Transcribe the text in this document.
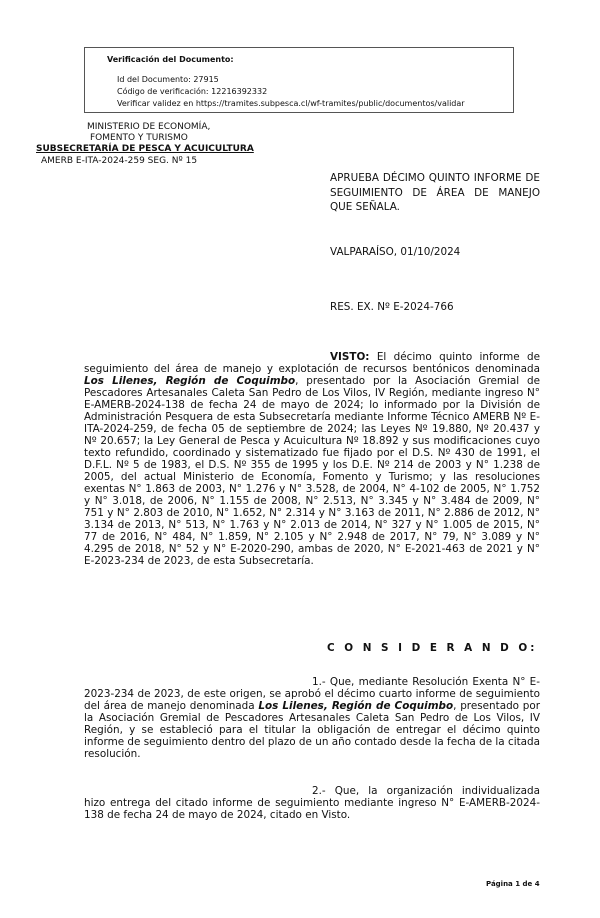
Verificación del Documento:
• Id del Documento: 27915
• Código de verificación: 12216392332
• Verificar validez en https://tramites.subpesca.cl/wf-tramites/public/documentos/validar
MINISTERIO DE ECONOMÍA,
FOMENTO Y TURISMO
SUBSECRETARÍA DE PESCA Y ACUICULTURA
AMERB E-ITA-2024-259 SEG. Nº 15
APRUEBA DÉCIMO QUINTO INFORME DE SEGUIMIENTO DE ÁREA DE MANEJO QUE SEÑALA.
VALPARAÍSO, 01/10/2024
RES. EX. Nº E-2024-766
VISTO: El décimo quinto informe de seguimiento del área de manejo y explotación de recursos bentónicos denominada Los Lilenes, Región de Coquimbo, presentado por la Asociación Gremial de Pescadores Artesanales Caleta San Pedro de Los Vilos, IV Región, mediante ingreso N° E-AMERB-2024-138 de fecha 24 de mayo de 2024; lo informado por la División de Administración Pesquera de esta Subsecretaría mediante Informe Técnico AMERB Nº E-ITA-2024-259, de fecha 05 de septiembre de 2024; las Leyes Nº 19.880, Nº 20.437 y Nº 20.657; la Ley General de Pesca y Acuicultura Nº 18.892 y sus modificaciones cuyo texto refundido, coordinado y sistematizado fue fijado por el D.S. Nº 430 de 1991, el D.F.L. Nº 5 de 1983, el D.S. Nº 355 de 1995 y los D.E. Nº 214 de 2003 y N° 1.238 de 2005, del actual Ministerio de Economía, Fomento y Turismo; y las resoluciones exentas N° 1.863 de 2003, N° 1.276 y N° 3.528, de 2004, N° 4-102 de 2005, N° 1.752 y N° 3.018, de 2006, N° 1.155 de 2008, N° 2.513, N° 3.345 y N° 3.484 de 2009, N° 751 y N° 2.803 de 2010, N° 1.652, N° 2.314 y N° 3.163 de 2011, N° 2.886 de 2012, N° 3.134 de 2013, N° 513, N° 1.763 y N° 2.013 de 2014, N° 327 y N° 1.005 de 2015, N° 77 de 2016, N° 484, N° 1.859, N° 2.105 y N° 2.948 de 2017, N° 79, N° 3.089 y N° 4.295 de 2018, N° 52 y N° E-2020-290, ambas de 2020, N° E-2021-463 de 2021 y N° E-2023-234 de 2023, de esta Subsecretaría.
C O N S I D E R A N D O:
1.- Que, mediante Resolución Exenta N° E-2023-234 de 2023, de este origen, se aprobó el décimo cuarto informe de seguimiento del área de manejo denominada Los Lilenes, Región de Coquimbo, presentado por la Asociación Gremial de Pescadores Artesanales Caleta San Pedro de Los Vilos, IV Región, y se estableció para el titular la obligación de entregar el décimo quinto informe de seguimiento dentro del plazo de un año contado desde la fecha de la citada resolución.
2.- Que, la organización individualizada hizo entrega del citado informe de seguimiento mediante ingreso N° E-AMERB-2024-138 de fecha 24 de mayo de 2024, citado en Visto.
Página 1 de 4
